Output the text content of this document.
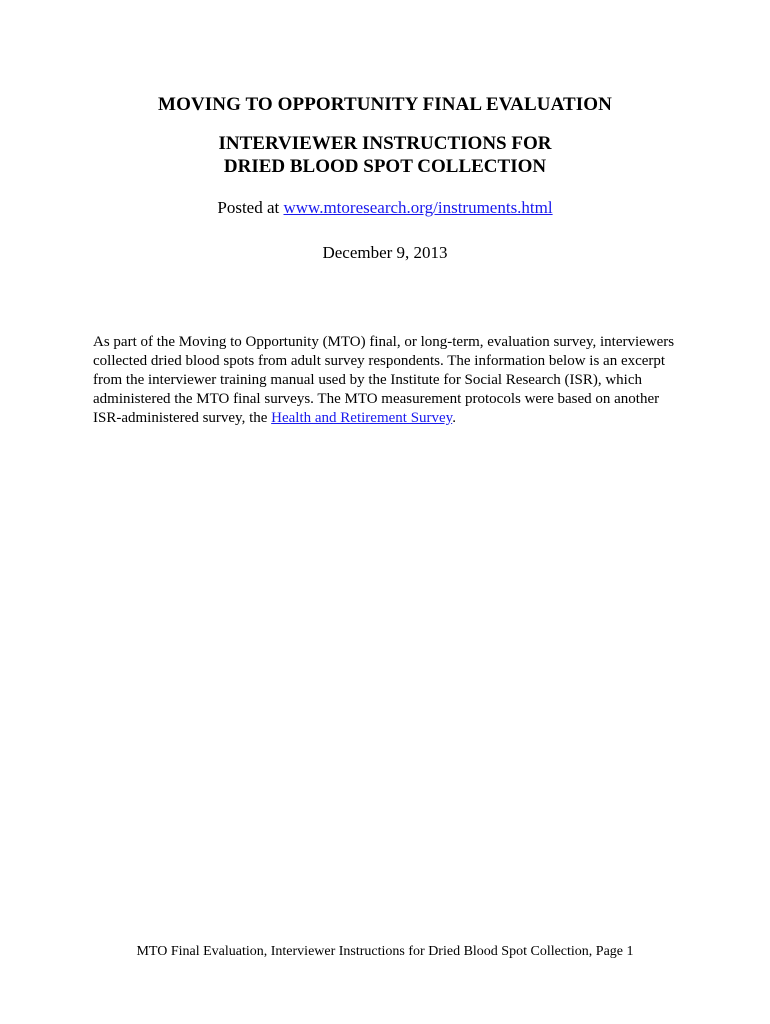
MOVING TO OPPORTUNITY FINAL EVALUATION
INTERVIEWER INSTRUCTIONS FOR
DRIED BLOOD SPOT COLLECTION
Posted at www.mtoresearch.org/instruments.html
December 9, 2013
As part of the Moving to Opportunity (MTO) final, or long-term, evaluation survey, interviewers
collected dried blood spots from adult survey respondents. The information below is an excerpt
from the interviewer training manual used by the Institute for Social Research (ISR), which
administered the MTO final surveys. The MTO measurement protocols were based on another
ISR-administered survey, the Health and Retirement Survey.
MTO Final Evaluation, Interviewer Instructions for Dried Blood Spot Collection, Page 1
